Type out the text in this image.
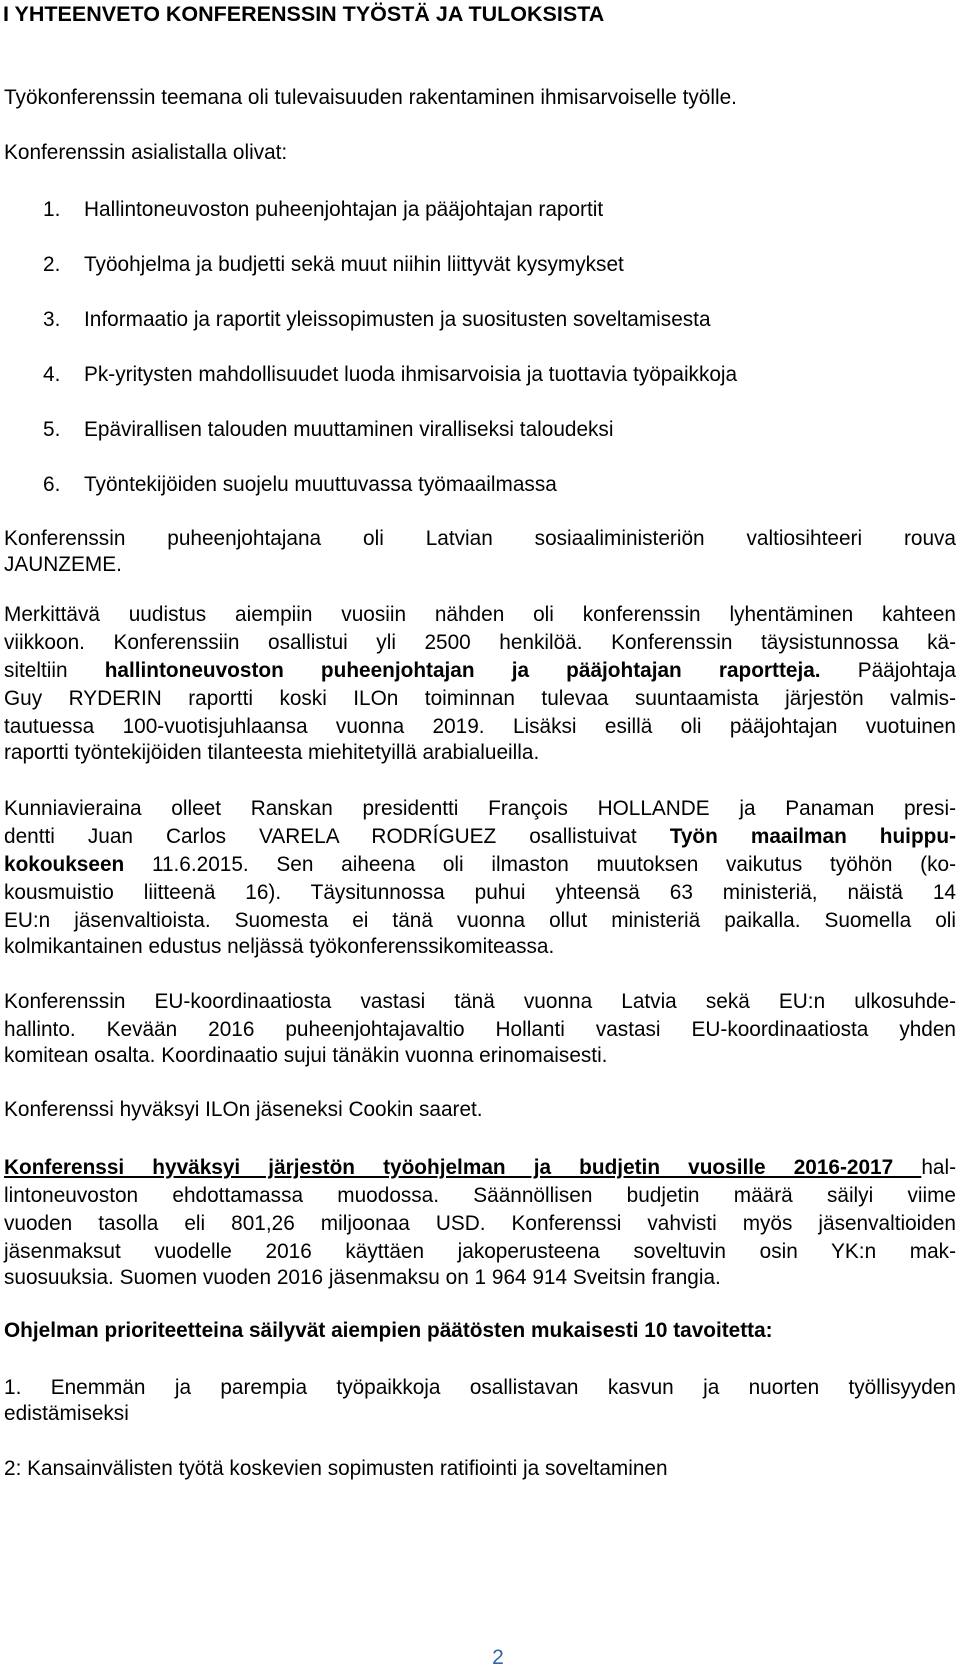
I YHTEENVETO KONFERENSSIN TYÖSTÄ JA TULOKSISTA
Työkonferenssin teemana oli tulevaisuuden rakentaminen ihmisarvoiselle työlle.
Konferenssin asialistalla olivat:
1. Hallintoneuvoston puheenjohtajan ja pääjohtajan raportit
2. Työohjelma ja budjetti sekä muut niihin liittyvät kysymykset
3. Informaatio ja raportit yleissopimusten ja suositusten soveltamisesta
4. Pk-yritysten mahdollisuudet luoda ihmisarvoisia ja tuottavia työpaikkoja
5. Epävirallisen talouden muuttaminen viralliseksi taloudeksi
6. Työntekijöiden suojelu muuttuvassa työmaailmassa
Konferenssin puheenjohtajana oli Latvian sosiaaliministeriön valtiosihteeri rouva
JAUNZEME.
Merkittävä uudistus aiempiin vuosiin nähden oli konferenssin lyhentäminen kahteen
viikkoon. Konferenssiin osallistui yli 2500 henkilöä. Konferenssin täysistunnossa kä-
siteltiin hallintoneuvoston puheenjohtajan ja pääjohtajan raportteja. Pääjohtaja
Guy RYDERIN raportti koski ILOn toiminnan tulevaa suuntaamista järjestön valmis-
tautuessa 100-vuotisjuhlaansa vuonna 2019. Lisäksi esillä oli pääjohtajan vuotuinen
raportti työntekijöiden tilanteesta miehitetyillä arabialueilla.
Kunniavieraina olleet Ranskan presidentti François HOLLANDE ja Panaman presi-
dentti Juan Carlos VARELA RODRÍGUEZ osallistuivat Työn maailman huippu-
kokoukseen 11.6.2015. Sen aiheena oli ilmaston muutoksen vaikutus työhön (ko-
kousmuistio liitteenä 16). Täysitunnossa puhui yhteensä 63 ministeriä, näistä 14
EU:n jäsenvaltioista. Suomesta ei tänä vuonna ollut ministeriä paikalla. Suomella oli
kolmikantainen edustus neljässä työkonferenssikomiteassa.
Konferenssin EU-koordinaatiosta vastasi tänä vuonna Latvia sekä EU:n ulkosuhde-
hallinto. Kevään 2016 puheenjohtajavaltio Hollanti vastasi EU-koordinaatiosta yhden
komitean osalta. Koordinaatio sujui tänäkin vuonna erinomaisesti.
Konferenssi hyväksyi ILOn jäseneksi Cookin saaret.
Konferenssi hyväksyi järjestön työohjelman ja budjetin vuosille 2016-2017 hal-
lintoneuvoston ehdottamassa muodossa. Säännöllisen budjetin määrä säilyi viime
vuoden tasolla eli 801,26 miljoonaa USD. Konferenssi vahvisti myös jäsenvaltioiden
jäsenmaksut vuodelle 2016 käyttäen jakoperusteena soveltuvin osin YK:n mak-
suosuuksia. Suomen vuoden 2016 jäsenmaksu on 1 964 914 Sveitsin frangia.
Ohjelman prioriteetteina säilyvät aiempien päätösten mukaisesti 10 tavoitetta:
1. Enemmän ja parempia työpaikkoja osallistavan kasvun ja nuorten työllisyyden
edistämiseksi
2: Kansainvälisten työtä koskevien sopimusten ratifiointi ja soveltaminen
2
